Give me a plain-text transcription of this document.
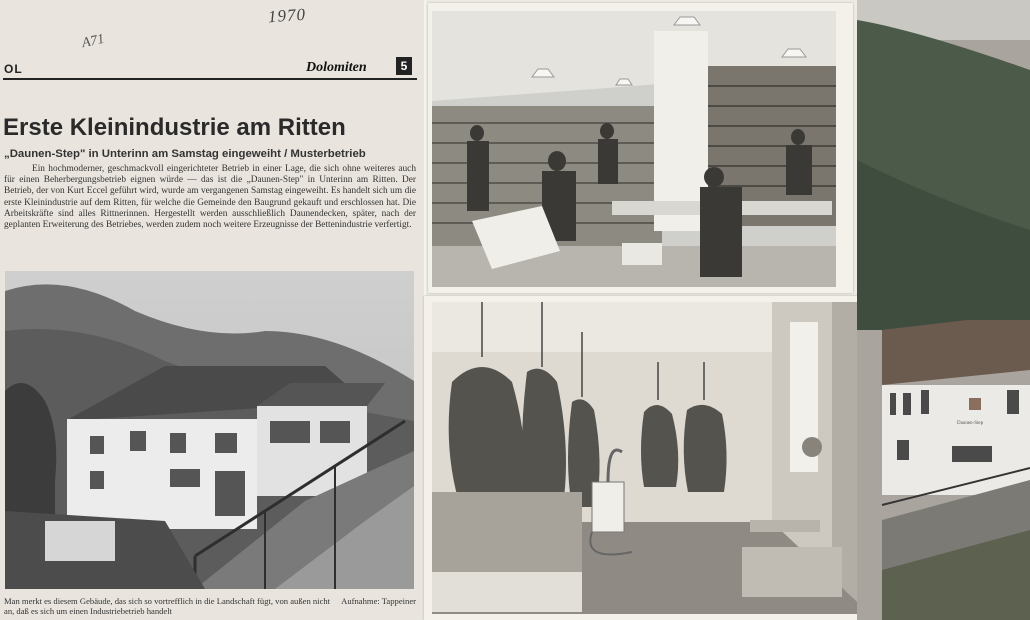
1970
A71
OL	Dolomiten	5
Erste Kleinindustrie am Ritten
„Daunen-Step" in Unterinn am Samstag eingeweiht / Musterbetrieb

Ein hochmoderner, geschmackvoll eingerichteter Betrieb in einer Lage, die sich ohne weiteres auch für einen Beherbergungsbetrieb eignen würde — das ist die „Daunen-Step" in Unterinn am Ritten. Der Betrieb, der von Kurt Eccel geführt wird, wurde am vergangenen Samstag eingeweiht. Es handelt sich um die erste Kleinindustrie auf dem Ritten, für welche die Gemeinde den Baugrund gekauft und erschlossen hat. Die Arbeitskräfte sind alles Rittnerinnen. Hergestellt werden ausschließlich Daunendecken, später, nach der geplanten Erweiterung des Betriebes, werden zudem noch weitere Erzeugnisse der Bettenindustrie verfertigt.

Aufnahme: Tappeiner
Man merkt es diesem Gebäude, das sich so vortrefflich in die Landschaft fügt, von außen nicht an, daß es sich um einen Industriebetrieb handelt
Daunen-Step
